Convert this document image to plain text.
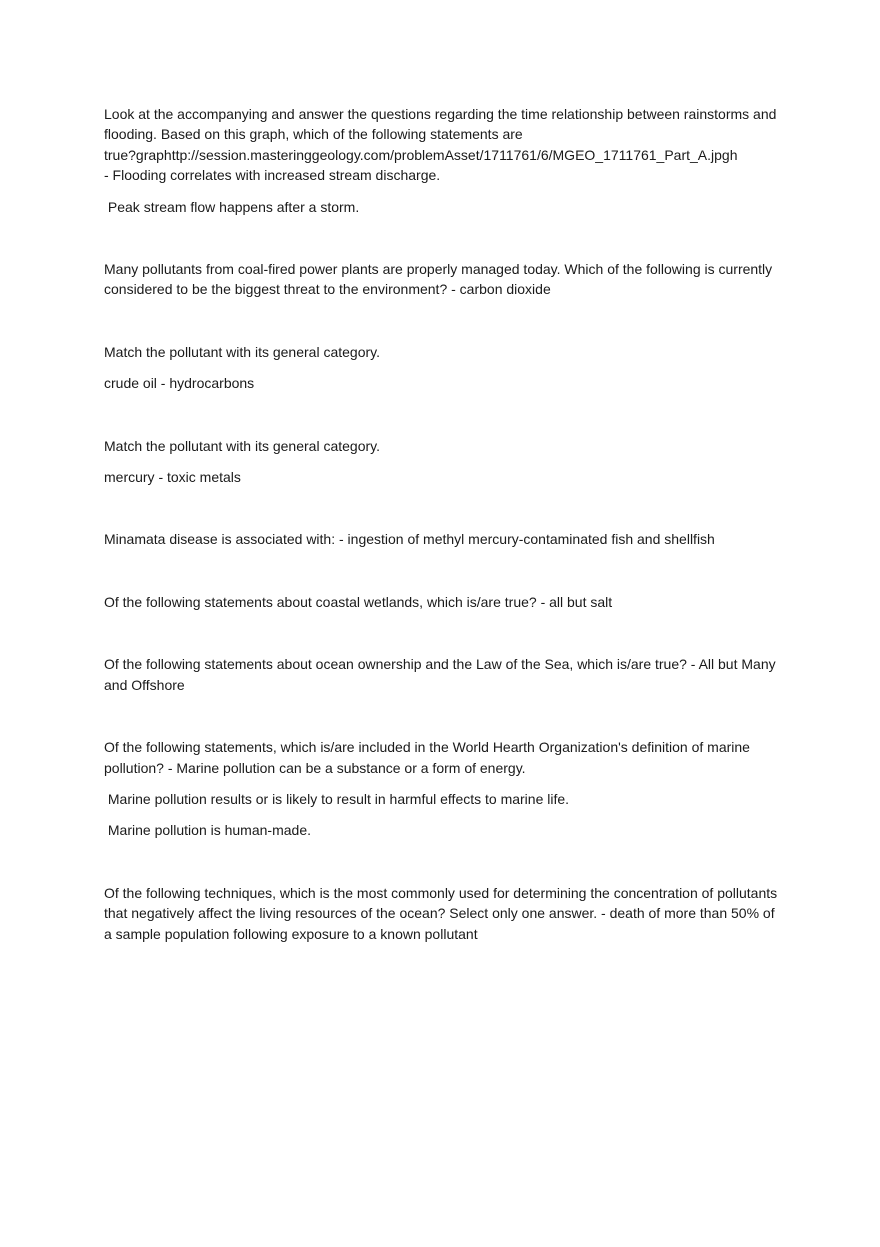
Look at the accompanying and answer the questions regarding the time relationship between rainstorms and flooding. Based on this graph, which of the following statements are
true?graphttp://session.masteringgeology.com/problemAsset/1711761/6/MGEO_1711761_Part_A.jpgh
- Flooding correlates with increased stream discharge.
Peak stream flow happens after a storm.
Many pollutants from coal-fired power plants are properly managed today. Which of the following is currently considered to be the biggest threat to the environment? - carbon dioxide
Match the pollutant with its general category.
crude oil - hydrocarbons
Match the pollutant with its general category.
mercury - toxic metals
Minamata disease is associated with: - ingestion of methyl mercury-contaminated fish and shellfish
Of the following statements about coastal wetlands, which is/are true? - all but salt
Of the following statements about ocean ownership and the Law of the Sea, which is/are true? - All but Many and Offshore
Of the following statements, which is/are included in the World Hearth Organization's definition of marine pollution? - Marine pollution can be a substance or a form of energy.
Marine pollution results or is likely to result in harmful effects to marine life.
Marine pollution is human-made.
Of the following techniques, which is the most commonly used for determining the concentration of pollutants that negatively affect the living resources of the ocean? Select only one answer. - death of more than 50% of a sample population following exposure to a known pollutant
